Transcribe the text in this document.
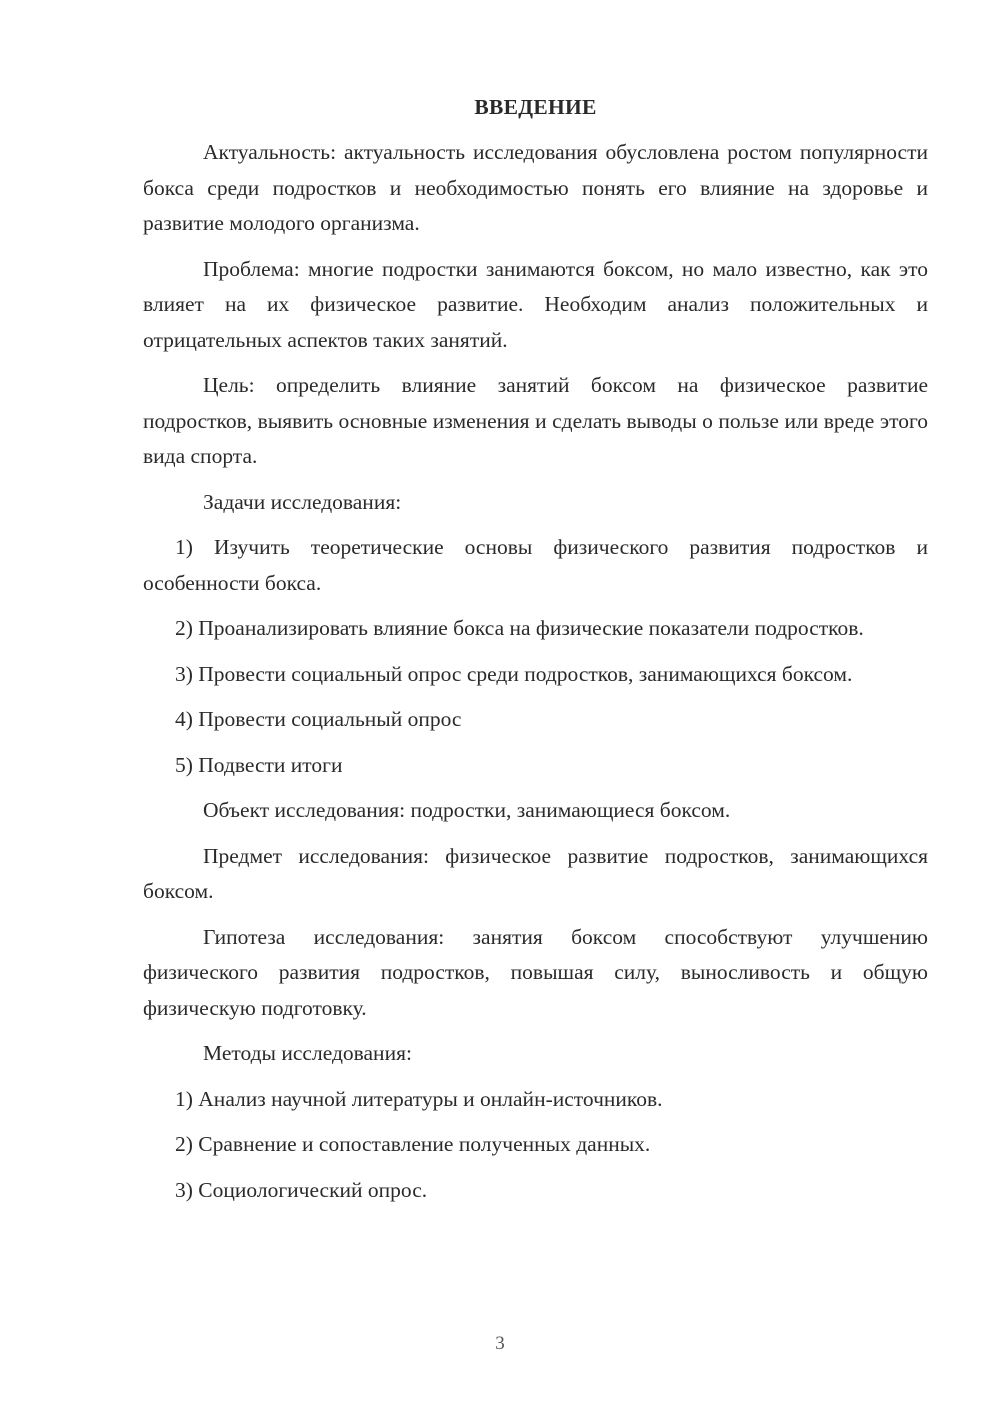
ВВЕДЕНИЕ

Актуальность: актуальность исследования обусловлена ростом популярности бокса среди подростков и необходимостью понять его влияние на здоровье и развитие молодого организма.

Проблема: многие подростки занимаются боксом, но мало известно, как это влияет на их физическое развитие. Необходим анализ положительных и отрицательных аспектов таких занятий.

Цель: определить влияние занятий боксом на физическое развитие подростков, выявить основные изменения и сделать выводы о пользе или вреде этого вида спорта.

Задачи исследования:

1) Изучить теоретические основы физического развития подростков и особенности бокса.

2) Проанализировать влияние бокса на физические показатели подростков.

3) Провести социальный опрос среди подростков, занимающихся боксом.

4) Провести социальный опрос

5) Подвести итоги

Объект исследования: подростки, занимающиеся боксом.

Предмет исследования: физическое развитие подростков, занимающихся боксом.

Гипотеза исследования: занятия боксом способствуют улучшению физического развития подростков, повышая силу, выносливость и общую физическую подготовку.

Методы исследования:

1) Анализ научной литературы и онлайн-источников.

2) Сравнение и сопоставление полученных данных.

3) Социологический опрос.

3
